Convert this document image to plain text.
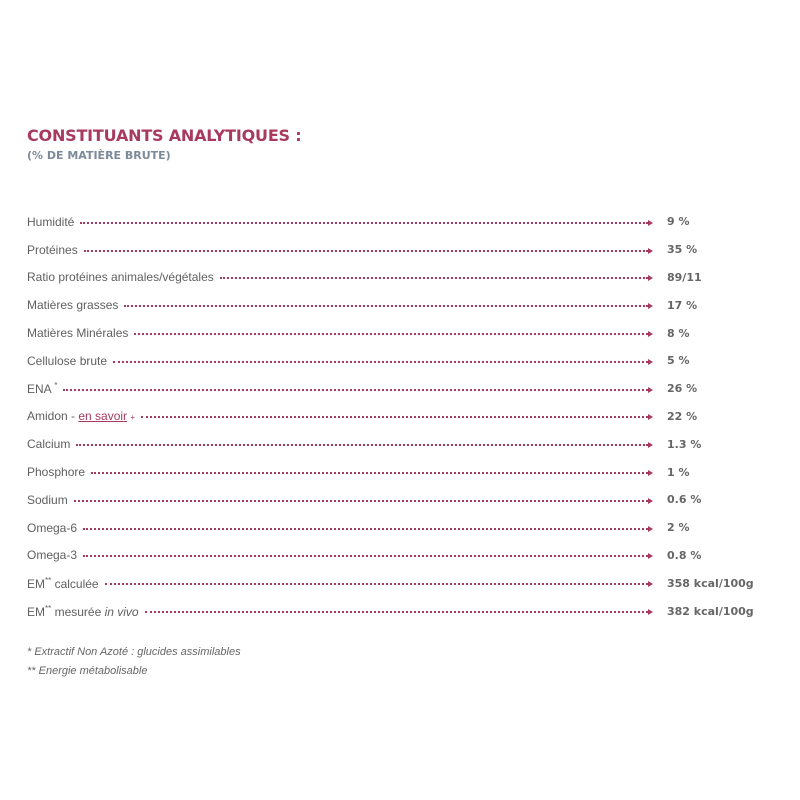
CONSTITUANTS ANALYTIQUES :
(% DE MATIÈRE BRUTE)
Humidité	9 %
Protéines	35 %
Ratio protéines animales/végétales	89/11
Matières grasses	17 %
Matières Minérales	8 %
Cellulose brute	5 %
ENA *	26 %
Amidon - en savoir +	22 %
Calcium	1.3 %
Phosphore	1 %
Sodium	0.6 %
Omega-6	2 %
Omega-3	0.8 %
EM** calculée	358 kcal/100g
EM** mesurée in vivo	382 kcal/100g
* Extractif Non Azoté : glucides assimilables
** Energie métabolisable
